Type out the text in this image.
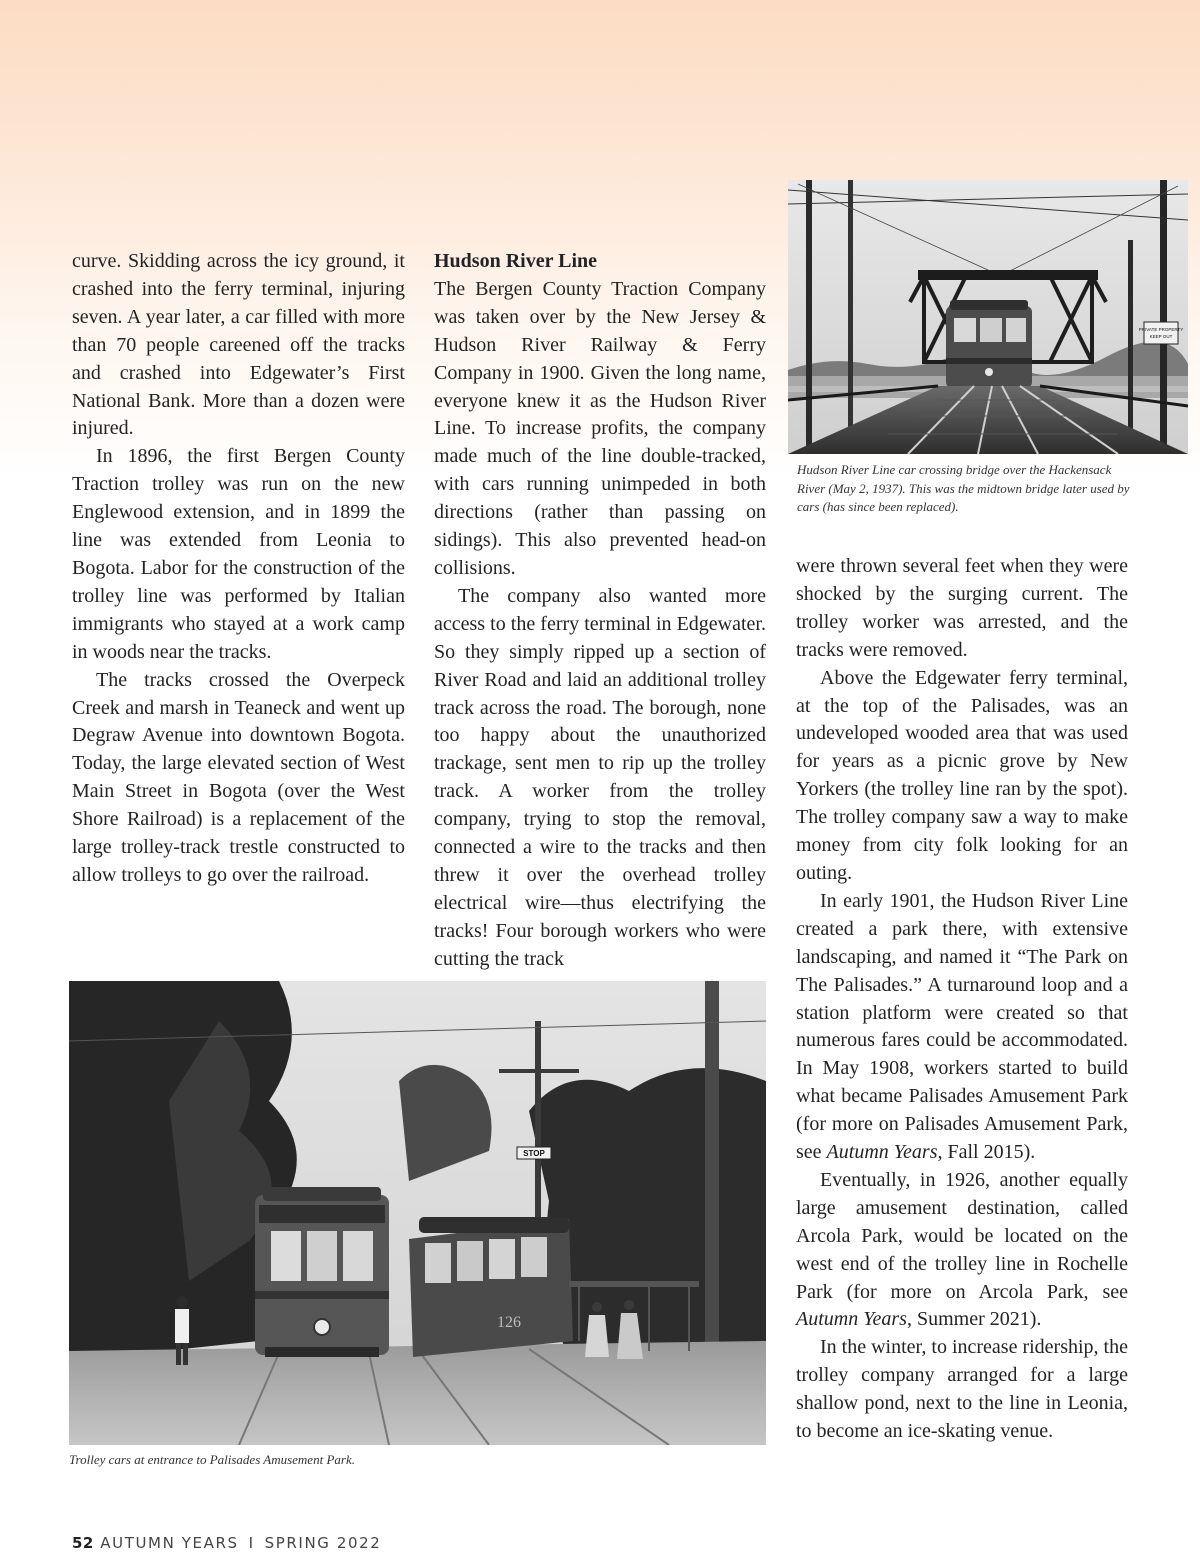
curve. Skidding across the icy ground, it crashed into the ferry terminal, injuring seven. A year later, a car filled with more than 70 people careened off the tracks and crashed into Edgewater’s First National Bank. More than a dozen were injured.

In 1896, the first Bergen County Traction trolley was run on the new Englewood extension, and in 1899 the line was extended from Leonia to Bogota. Labor for the construction of the trolley line was performed by Italian immigrants who stayed at a work camp in woods near the tracks.

The tracks crossed the Overpeck Creek and marsh in Teaneck and went up Degraw Avenue into downtown Bogota. Today, the large elevated section of West Main Street in Bogota (over the West Shore Railroad) is a replacement of the large trolley-track trestle constructed to allow trolleys to go over the railroad.

Hudson River Line

The Bergen County Traction Company was taken over by the New Jersey & Hudson River Railway & Ferry Company in 1900. Given the long name, everyone knew it as the Hudson River Line. To increase profits, the company made much of the line double-tracked, with cars running unimpeded in both directions (rather than passing on sidings). This also prevented head-on collisions.

The company also wanted more access to the ferry terminal in Edgewater. So they simply ripped up a section of River Road and laid an additional trolley track across the road. The borough, none too happy about the unauthorized trackage, sent men to rip up the trolley track. A worker from the trolley company, trying to stop the removal, connected a wire to the tracks and then threw it over the overhead trolley electrical wire—thus electrifying the tracks! Four borough workers who were cutting the track

were thrown several feet when they were shocked by the surging current. The trolley worker was arrested, and the tracks were removed.

Above the Edgewater ferry terminal, at the top of the Palisades, was an undeveloped wooded area that was used for years as a picnic grove by New Yorkers (the trolley line ran by the spot). The trolley company saw a way to make money from city folk looking for an outing.

In early 1901, the Hudson River Line created a park there, with extensive landscaping, and named it “The Park on The Palisades.” A turnaround loop and a station platform were created so that numerous fares could be accommodated. In May 1908, workers started to build what became Palisades Amusement Park (for more on Palisades Amusement Park, see Autumn Years, Fall 2015).

Eventually, in 1926, another equally large amusement destination, called Arcola Park, would be located on the west end of the trolley line in Rochelle Park (for more on Arcola Park, see Autumn Years, Summer 2021).

In the winter, to increase ridership, the trolley company arranged for a large shallow pond, next to the line in Leonia, to become an ice-skating venue.

PRIVATE PROPERTY
KEEP OUT
Hudson River Line car crossing bridge over the Hackensack River (May 2, 1937). This was the midtown bridge later used by cars (has since been replaced).
STOP
126
Trolley cars at entrance to Palisades Amusement Park.
52 AUTUMN YEARS I SPRING 2022
